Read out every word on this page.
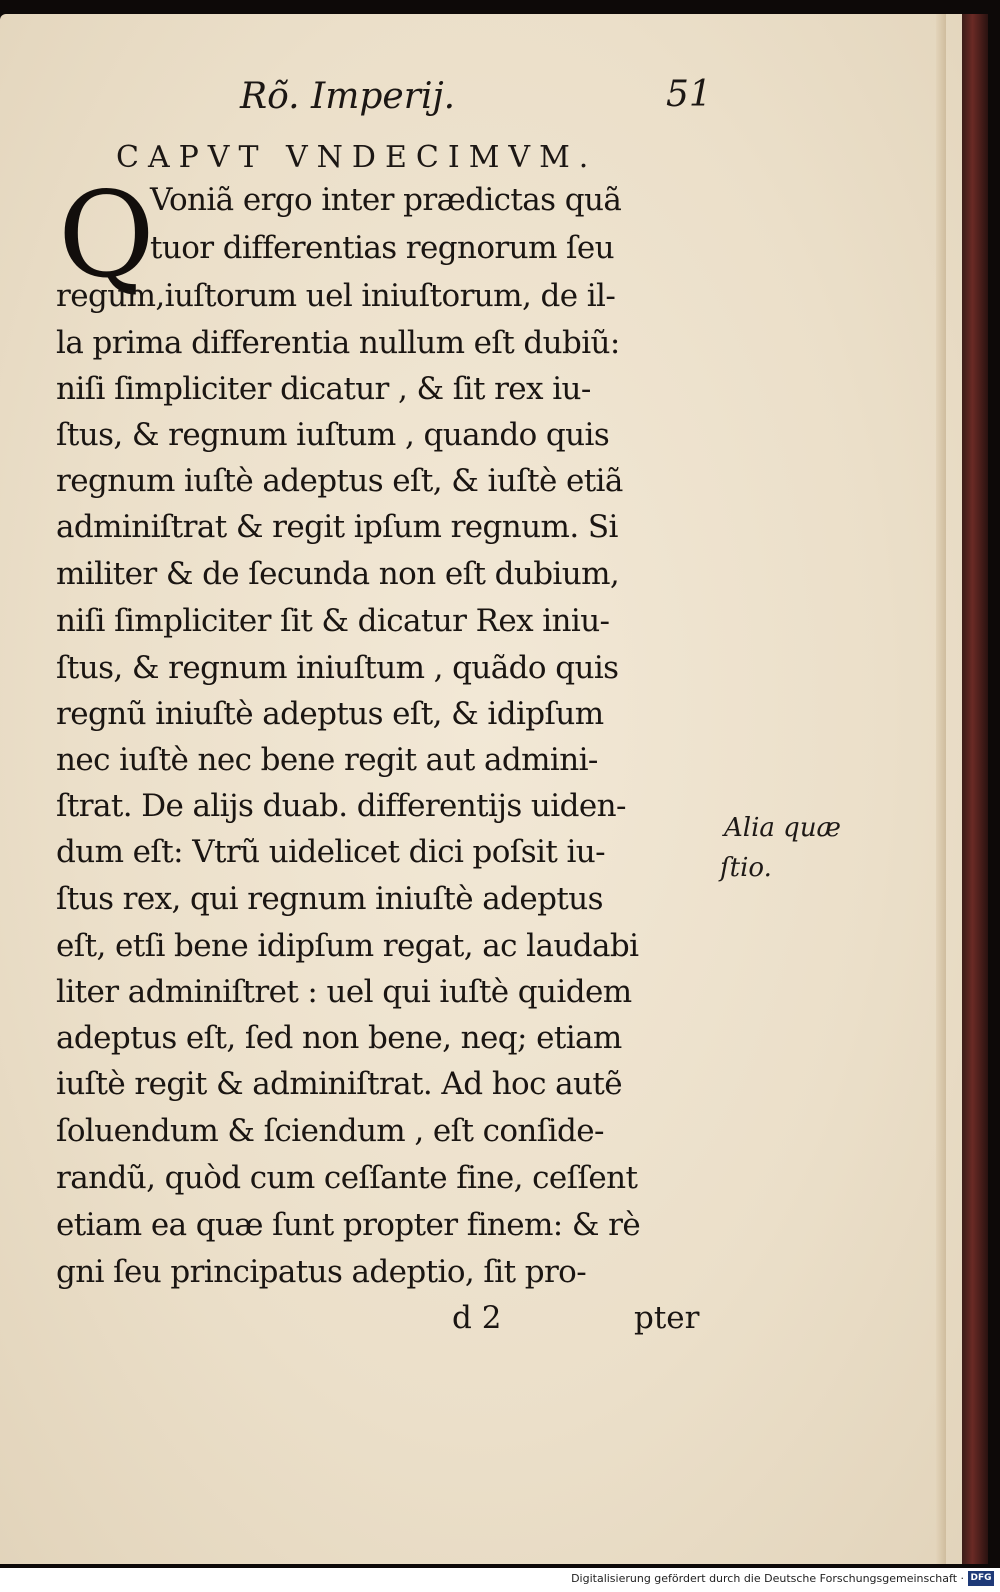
Rõ. Imperij.	51
CAPVT VNDECIMVM.
Q
Voniã ergo inter prædictas quã
tuor differentias regnorum ſeu
regum,iuſtorum uel iniuſtorum, de il-
la prima differentia nullum eſt dubiũ:
niſi ſimpliciter dicatur , & ſit rex iu-
ſtus, & regnum iuſtum , quando quis
regnum iuſtè adeptus eſt, & iuſtè etiã
adminiſtrat & regit ipſum regnum. Si
militer & de ſecunda non eſt dubium,
niſi ſimpliciter ſit & dicatur Rex iniu-
ſtus, & regnum iniuſtum , quãdo quis
regnũ iniuſtè adeptus eſt, & idipſum
nec iuſtè nec bene regit aut admini-
ſtrat. De alijs duab. differentijs uiden-
dum eſt: Vtrũ uidelicet dici poſsit iu-
ſtus rex, qui regnum iniuſtè adeptus
eſt, etſi bene idipſum regat, ac laudabi
liter adminiſtret : uel qui iuſtè quidem
adeptus eſt, ſed non bene, neq; etiam
iuſtè regit & adminiſtrat. Ad hoc autẽ
ſoluendum & ſciendum , eſt conſide-
randũ, quòd cum ceſſante fine, ceſſent
etiam ea quæ ſunt propter finem: & rè
gni ſeu principatus adeptio, ſit pro-
Alia quæ
ſtio.
d 2	pter
Digitalisierung gefördert durch die Deutsche Forschungsgemeinschaft · DFG
